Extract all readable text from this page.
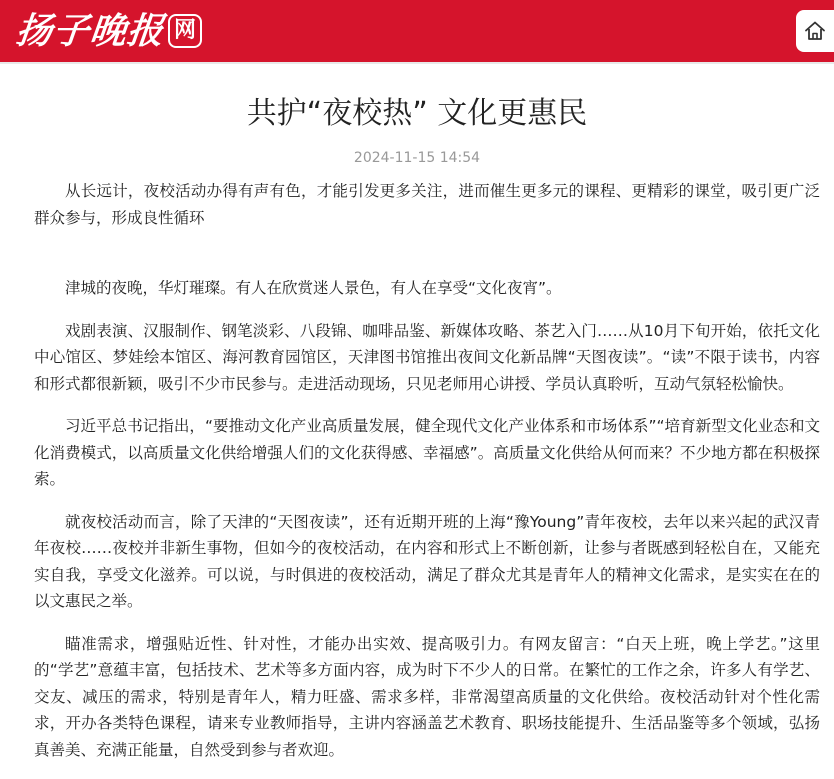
扬子晚报 网
共护“夜校热” 文化更惠民
2024-11-15 14:54

从长远计，夜校活动办得有声有色，才能引发更多关注，进而催生更多元的课程、更精彩的课堂，吸引更广泛群众参与，形成良性循环

津城的夜晚，华灯璀璨。有人在欣赏迷人景色，有人在享受“文化夜宵”。

戏剧表演、汉服制作、钢笔淡彩、八段锦、咖啡品鉴、新媒体攻略、茶艺入门……从10月下旬开始，依托文化中心馆区、梦娃绘本馆区、海河教育园馆区，天津图书馆推出夜间文化新品牌“天图夜读”。“读”不限于读书，内容和形式都很新颖，吸引不少市民参与。走进活动现场，只见老师用心讲授、学员认真聆听，互动气氛轻松愉快。

习近平总书记指出，“要推动文化产业高质量发展，健全现代文化产业体系和市场体系”“培育新型文化业态和文化消费模式，以高质量文化供给增强人们的文化获得感、幸福感”。高质量文化供给从何而来？不少地方都在积极探索。

就夜校活动而言，除了天津的“天图夜读”，还有近期开班的上海“豫Young”青年夜校，去年以来兴起的武汉青年夜校……夜校并非新生事物，但如今的夜校活动，在内容和形式上不断创新，让参与者既感到轻松自在，又能充实自我，享受文化滋养。可以说，与时俱进的夜校活动，满足了群众尤其是青年人的精神文化需求，是实实在在的以文惠民之举。

瞄准需求，增强贴近性、针对性，才能办出实效、提高吸引力。有网友留言：“白天上班，晚上学艺。”这里的“学艺”意蕴丰富，包括技术、艺术等多方面内容，成为时下不少人的日常。在繁忙的工作之余，许多人有学艺、交友、减压的需求，特别是青年人，精力旺盛、需求多样，非常渴望高质量的文化供给。夜校活动针对个性化需求，开办各类特色课程，请来专业教师指导，主讲内容涵盖艺术教育、职场技能提升、生活品鉴等多个领域，弘扬真善美、充满正能量，自然受到参与者欢迎。
